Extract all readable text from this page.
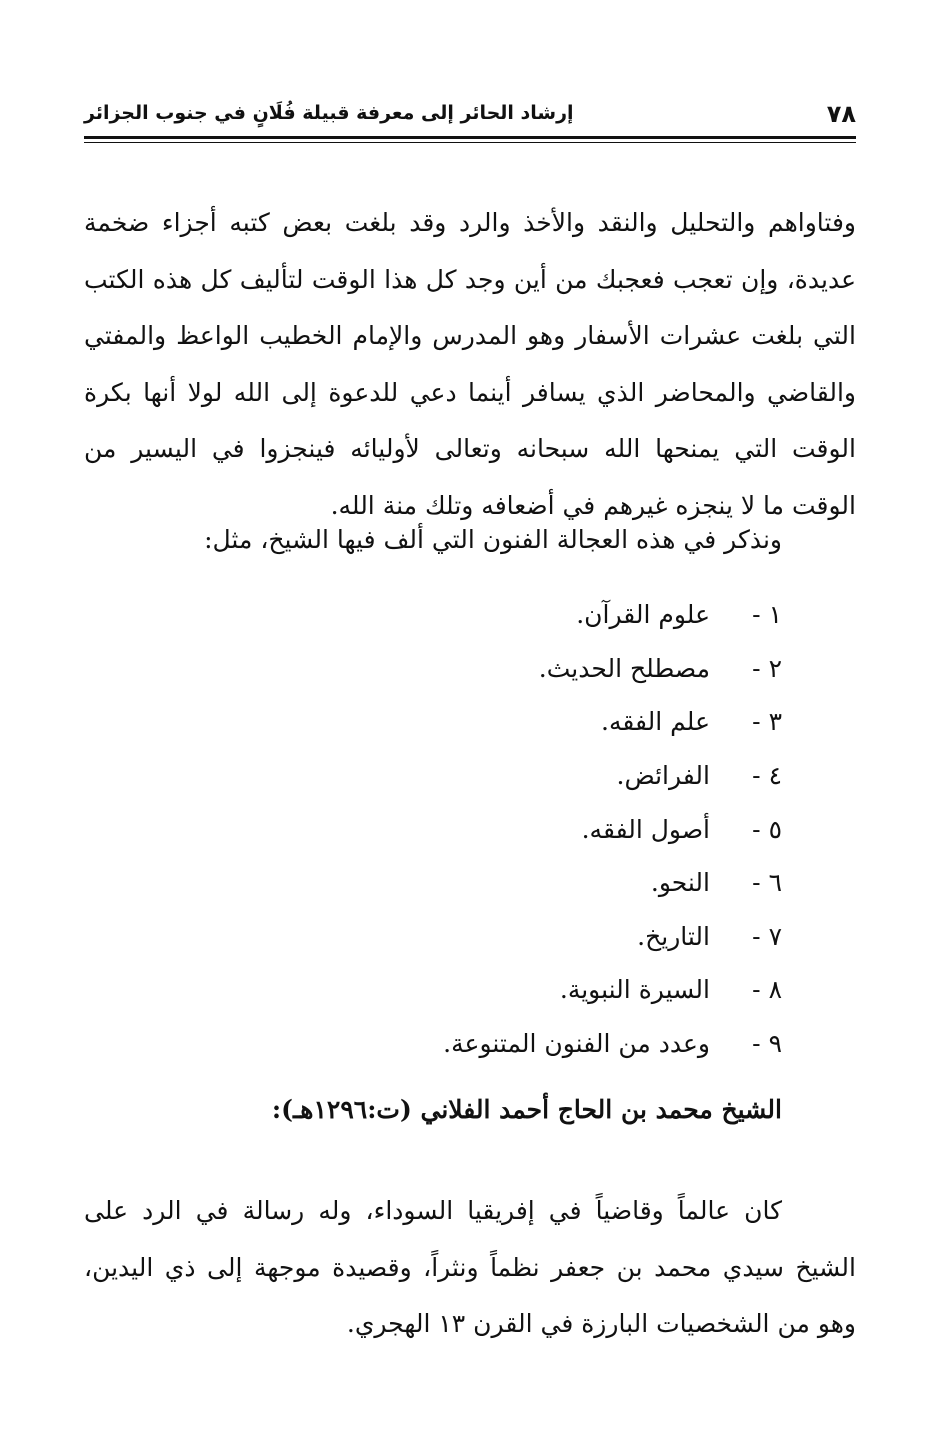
٧٨
إرشاد الحائر إلى معرفة قبيلة فُلَانٍ في جنوب الجزائر

وفتاواهم والتحليل والنقد والأخذ والرد وقد بلغت بعض كتبه أجزاء ضخمة عديدة، وإن تعجب فعجبك من أين وجد كل هذا الوقت لتأليف كل هذه الكتب التي بلغت عشرات الأسفار وهو المدرس والإمام الخطيب الواعظ والمفتي والقاضي والمحاضر الذي يسافر أينما دعي للدعوة إلى الله لولا أنها بكرة الوقت التي يمنحها الله سبحانه وتعالى لأوليائه فينجزوا في اليسير من الوقت ما لا ينجزه غيرهم في أضعافه وتلك منة الله.

ونذكر في هذه العجالة الفنون التي ألف فيها الشيخ، مثل:
١ -
علوم القرآن.
٢ -
مصطلح الحديث.
٣ -
علم الفقه.
٤ -
الفرائض.
٥ -
أصول الفقه.
٦ -
النحو.
٧ -
التاريخ.
٨ -
السيرة النبوية.
٩ -
وعدد من الفنون المتنوعة.
الشيخ محمد بن الحاج أحمد الفلاني (ت:١٢٩٦هـ):

كان عالماً وقاضياً في إفريقيا السوداء، وله رسالة في الرد على الشيخ سيدي محمد بن جعفر نظماً ونثراً، وقصيدة موجهة إلى ذي اليدين، وهو من الشخصيات البارزة في القرن ١٣ الهجري.
